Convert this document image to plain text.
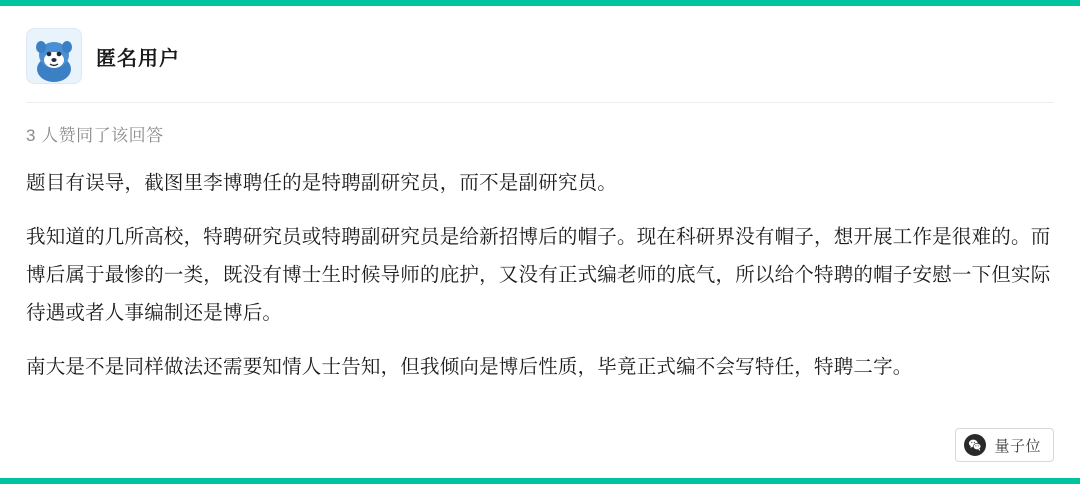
匿名用户
3 人赞同了该回答

题目有误导，截图里李博聘任的是特聘副研究员，而不是副研究员。

我知道的几所高校，特聘研究员或特聘副研究员是给新招博后的帽子。现在科研界没有帽子，想开展工作是很难的。而博后属于最惨的一类，既没有博士生时候导师的庇护，又没有正式编老师的底气，所以给个特聘的帽子安慰一下但实际待遇或者人事编制还是博后。

南大是不是同样做法还需要知情人士告知，但我倾向是博后性质，毕竟正式编不会写特任，特聘二字。

量子位
